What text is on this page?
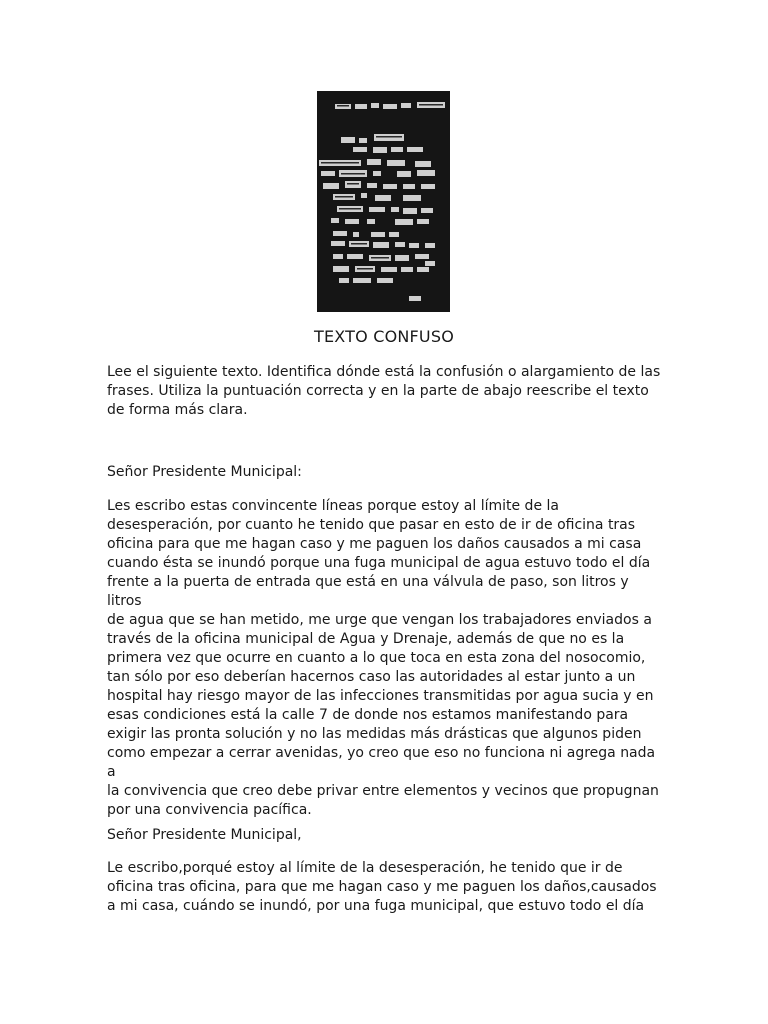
TEXTO CONFUSO

Lee el siguiente texto. Identifica dónde está la confusión o alargamiento de las
frases. Utiliza la puntuación correcta y en la parte de abajo reescribe el texto
de forma más clara.

Señor Presidente Municipal:

Les escribo estas convincente líneas porque estoy al límite de la
desesperación, por cuanto he tenido que pasar en esto de ir de oficina tras
oficina para que me hagan caso y me paguen los daños causados a mi casa
cuando ésta se inundó porque una fuga municipal de agua estuvo todo el día
frente a la puerta de entrada que está en una válvula de paso, son litros y litros
de agua que se han metido, me urge que vengan los trabajadores enviados a
través de la oficina municipal de Agua y Drenaje, además de que no es la
primera vez que ocurre en cuanto a lo que toca en esta zona del nosocomio,
tan sólo por eso deberían hacernos caso las autoridades al estar junto a un
hospital hay riesgo mayor de las infecciones transmitidas por agua sucia y en
esas condiciones está la calle 7 de donde nos estamos manifestando para
exigir las pronta solución y no las medidas más drásticas que algunos piden
como empezar a cerrar avenidas, yo creo que eso no funciona ni agrega nada a
la convivencia que creo debe privar entre elementos y vecinos que propugnan
por una convivencia pacífica.

Señor Presidente Municipal,

Le escribo,porqué estoy al límite de la desesperación, he tenido que ir de
oficina tras oficina, para que me hagan caso y me paguen los daños,causados
a mi casa, cuándo se inundó, por una fuga municipal, que estuvo todo el día
